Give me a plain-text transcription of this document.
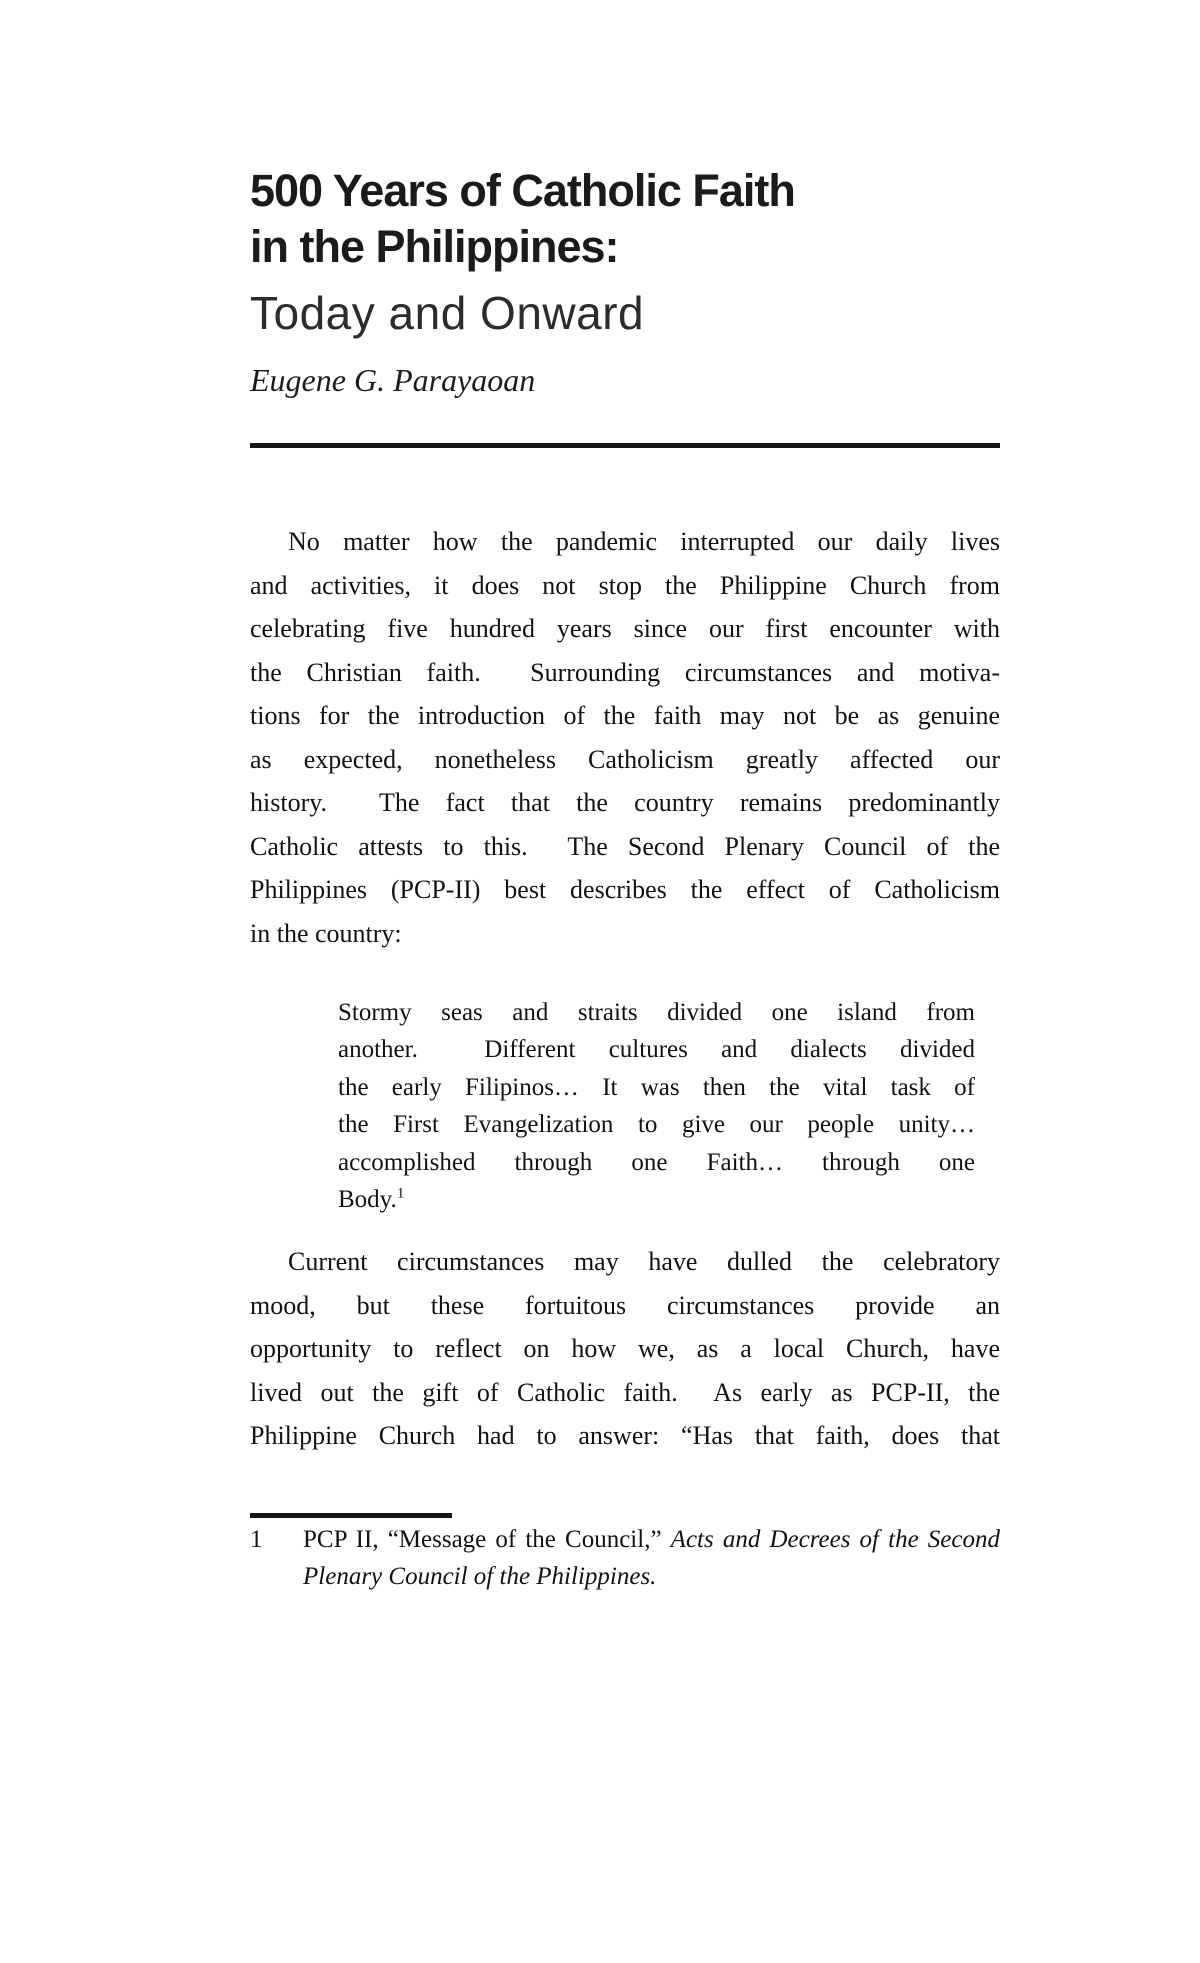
500 Years of Catholic Faith
in the Philippines:
Today and Onward
Eugene G. Parayaoan
No matter how the pandemic interrupted our daily lives
and activities, it does not stop the Philippine Church from
celebrating five hundred years since our first encounter with
the Christian faith.  Surrounding circumstances and motiva-
tions for the introduction of the faith may not be as genuine
as expected, nonetheless Catholicism greatly affected our
history.  The fact that the country remains predominantly
Catholic attests to this.  The Second Plenary Council of the
Philippines (PCP-II) best describes the effect of Catholicism
in the country:
Stormy seas and straits divided one island from
another.  Different cultures and dialects divided
the early Filipinos… It was then the vital task of
the First Evangelization to give our people unity…
accomplished through one Faith… through one
Body.$^1$
Current circumstances may have dulled the celebratory
mood, but these fortuitous circumstances provide an
opportunity to reflect on how we, as a local Church, have
lived out the gift of Catholic faith.  As early as PCP-II, the
Philippine Church had to answer: “Has that faith, does that
1	PCP II, “Message of the Council,” Acts and Decrees of the Second
Plenary Council of the Philippines.
